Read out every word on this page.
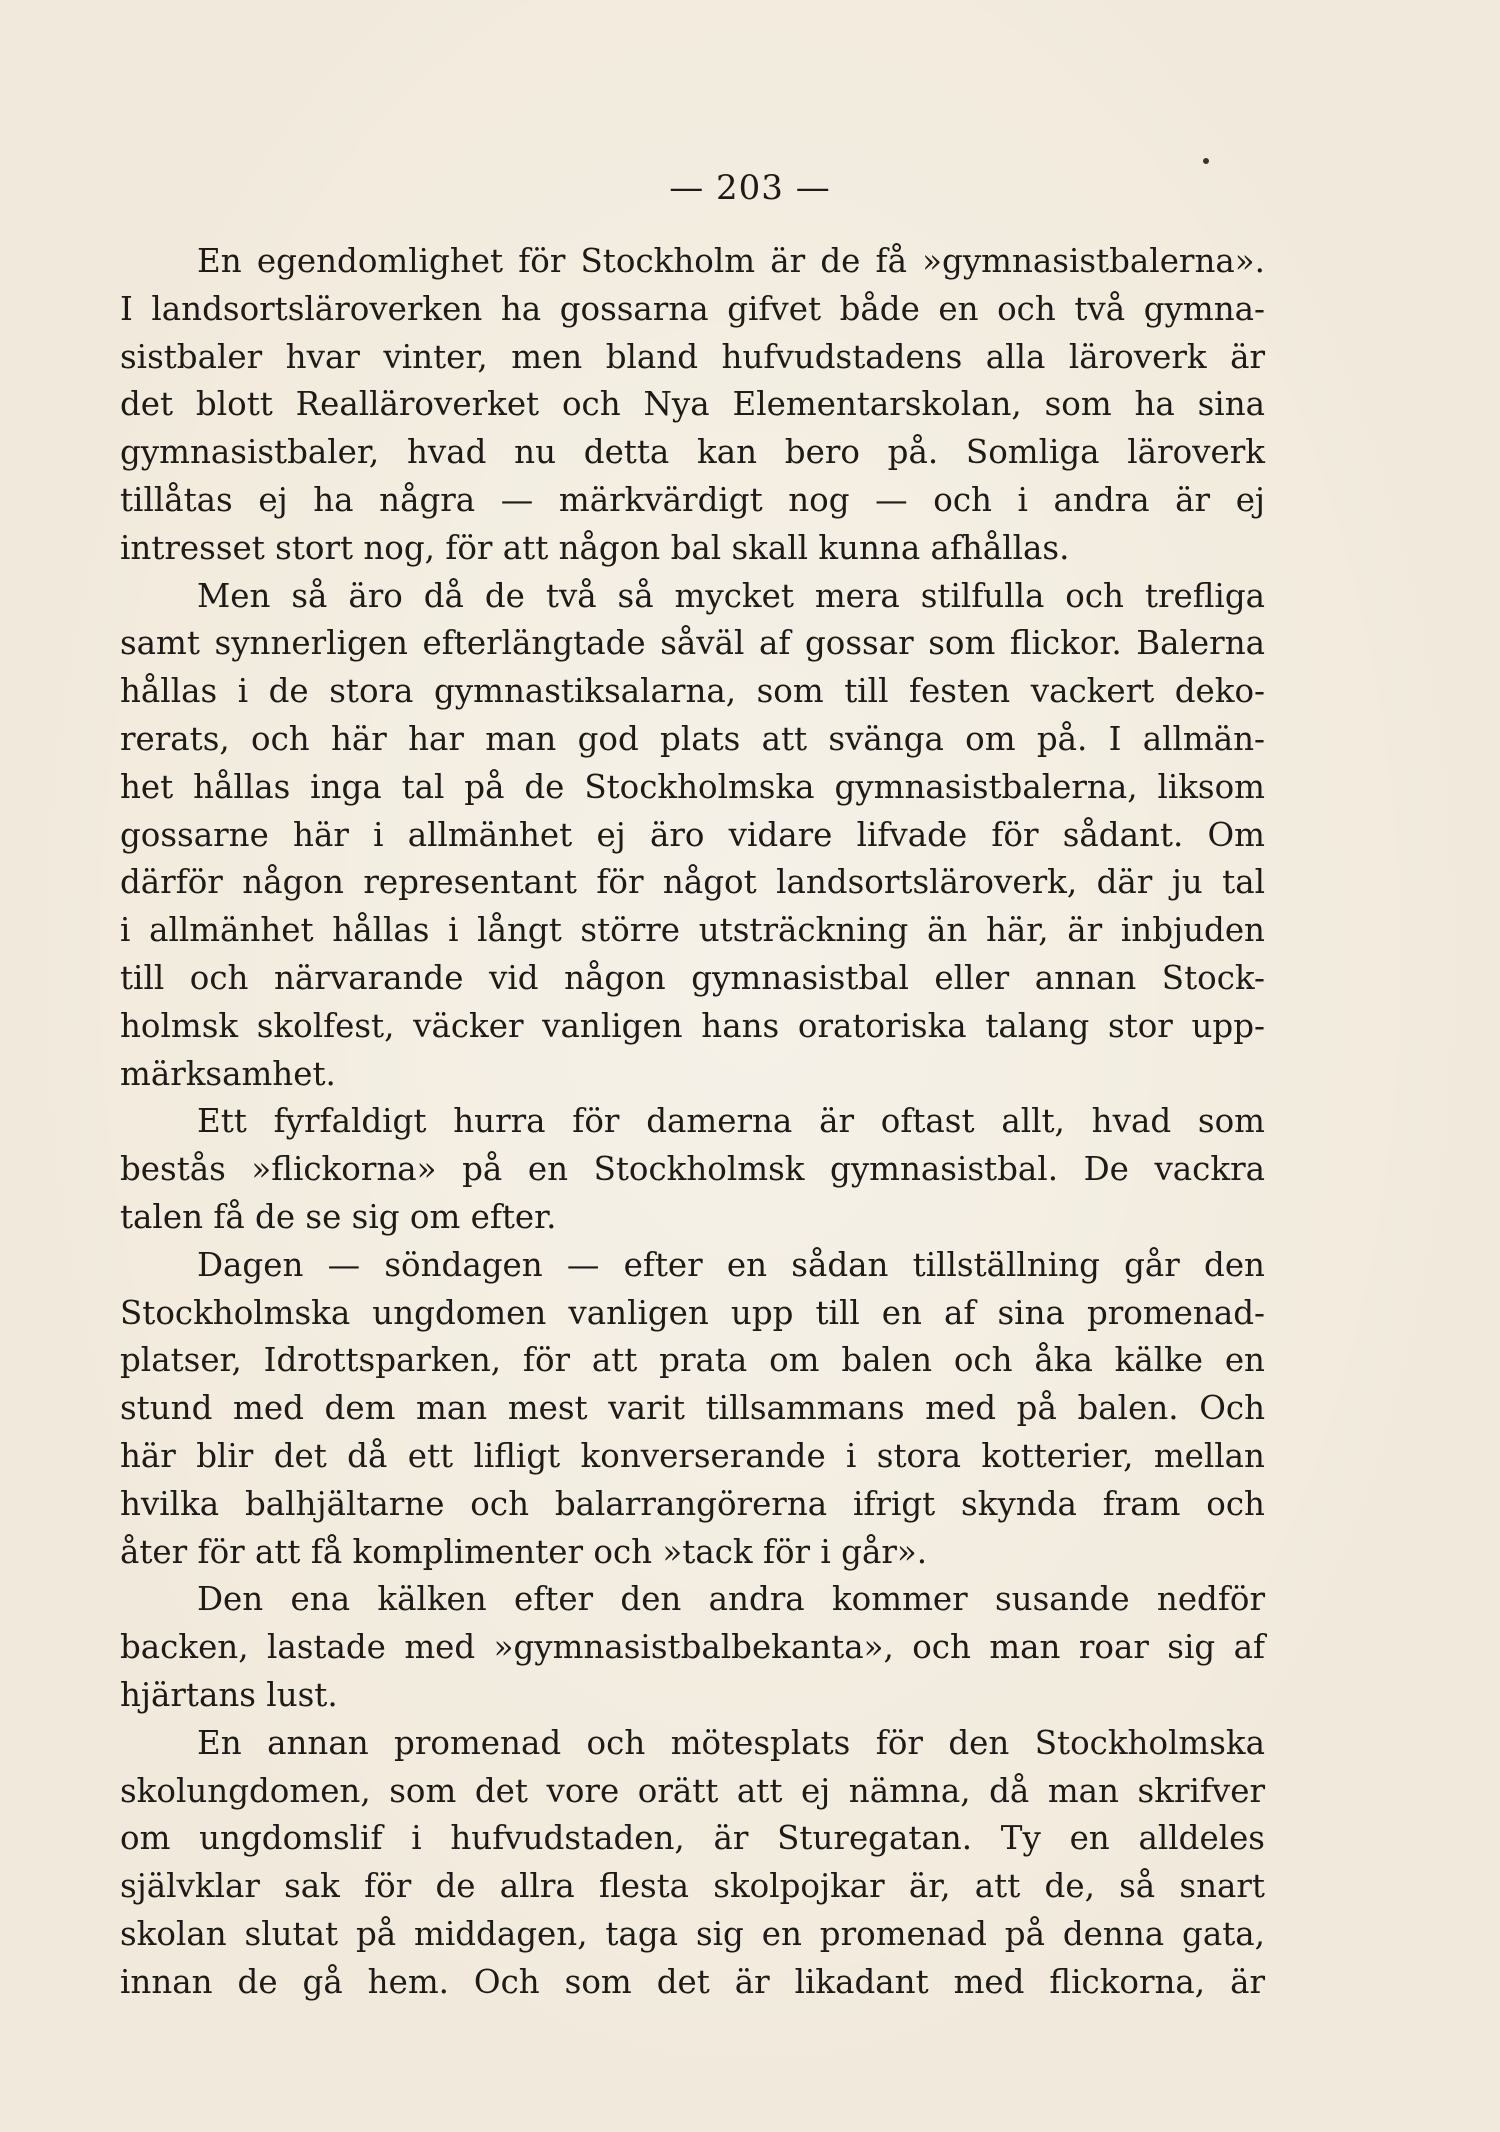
— 203 —
En egendomlighet för Stockholm är de få »gymnasistbalerna».
I landsortsläroverken ha gossarna gifvet både en och två gymna-
sistbaler hvar vinter, men bland hufvudstadens alla läroverk är
det blott Realläroverket och Nya Elementarskolan, som ha sina
gymnasistbaler, hvad nu detta kan bero på. Somliga läroverk
tillåtas ej ha några — märkvärdigt nog — och i andra är ej
intresset stort nog, för att någon bal skall kunna afhållas.
Men så äro då de två så mycket mera stilfulla och trefliga
samt synnerligen efterlängtade såväl af gossar som flickor. Balerna
hållas i de stora gymnastiksalarna, som till festen vackert deko-
rerats, och här har man god plats att svänga om på. I allmän-
het hållas inga tal på de Stockholmska gymnasistbalerna, liksom
gossarne här i allmänhet ej äro vidare lifvade för sådant. Om
därför någon representant för något landsortsläroverk, där ju tal
i allmänhet hållas i långt större utsträckning än här, är inbjuden
till och närvarande vid någon gymnasistbal eller annan Stock-
holmsk skolfest, väcker vanligen hans oratoriska talang stor upp-
märksamhet.
Ett fyrfaldigt hurra för damerna är oftast allt, hvad som
bestås »flickorna» på en Stockholmsk gymnasistbal. De vackra
talen få de se sig om efter.
Dagen — söndagen — efter en sådan tillställning går den
Stockholmska ungdomen vanligen upp till en af sina promenad-
platser, Idrottsparken, för att prata om balen och åka kälke en
stund med dem man mest varit tillsammans med på balen. Och
här blir det då ett lifligt konverserande i stora kotterier, mellan
hvilka balhjältarne och balarrangörerna ifrigt skynda fram och
åter för att få komplimenter och »tack för i går».
Den ena kälken efter den andra kommer susande nedför
backen, lastade med »gymnasistbalbekanta», och man roar sig af
hjärtans lust.
En annan promenad och mötesplats för den Stockholmska
skolungdomen, som det vore orätt att ej nämna, då man skrifver
om ungdomslif i hufvudstaden, är Sturegatan. Ty en alldeles
självklar sak för de allra flesta skolpojkar är, att de, så snart
skolan slutat på middagen, taga sig en promenad på denna gata,
innan de gå hem. Och som det är likadant med flickorna, är
